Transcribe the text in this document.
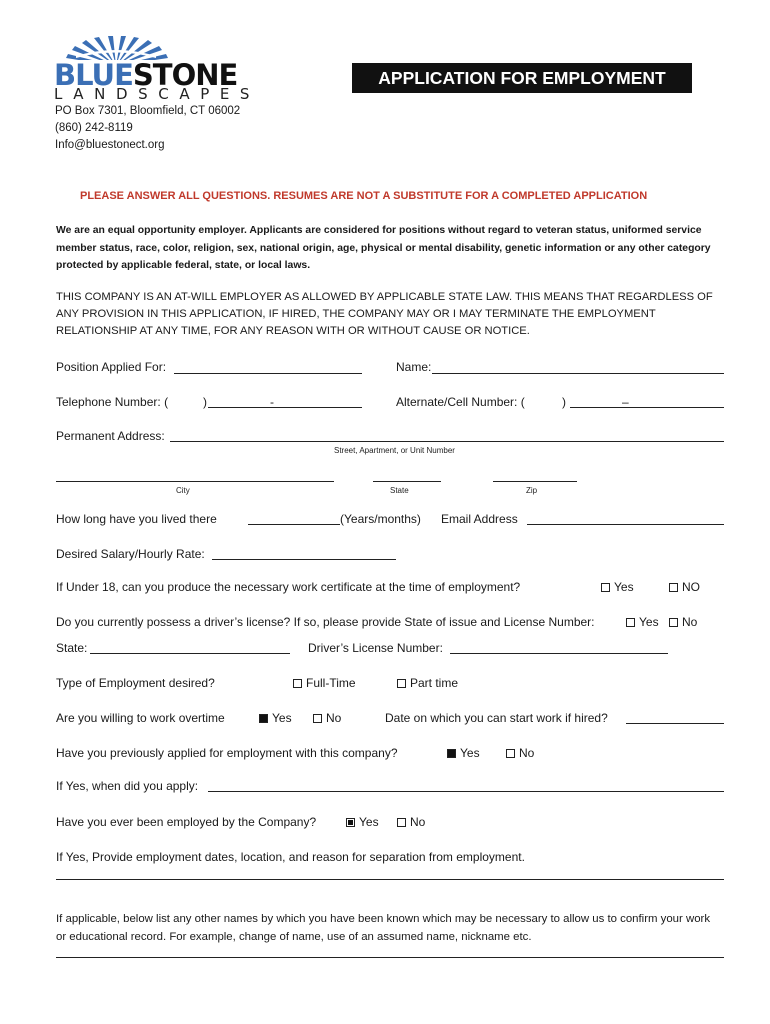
BLUESTONE
LANDSCAPES
APPLICATION FOR EMPLOYMENT
PO Box 7301, Bloomfield, CT 06002
(860) 242-8119
Info@bluestonect.org
PLEASE ANSWER ALL QUESTIONS. RESUMES ARE NOT A SUBSTITUTE FOR A COMPLETED APPLICATION
We are an equal opportunity employer. Applicants are considered for positions without regard to veteran status, uniformed service member status, race, color, religion, sex, national origin, age, physical or mental disability, genetic information or any other category protected by applicable federal, state, or local laws.
THIS COMPANY IS AN AT-WILL EMPLOYER AS ALLOWED BY APPLICABLE STATE LAW. THIS MEANS THAT REGARDLESS OF ANY PROVISION IN THIS APPLICATION, IF HIRED, THE COMPANY MAY OR I MAY TERMINATE THE EMPLOYMENT RELATIONSHIP AT ANY TIME, FOR ANY REASON WITH OR WITHOUT CAUSE OR NOTICE.
Position Applied For:	Name:
Telephone Number: (	)	-	Alternate/Cell Number: (	)	–
Permanent Address:
Street, Apartment, or Unit Number
City	State	Zip
How long have you lived there	(Years/months) Email Address
Desired Salary/Hourly Rate:
If Under 18, can you produce the necessary work certificate at the time of employment?	Yes	NO
Do you currently possess a driver’s license? If so, please provide State of issue and License Number:	Yes	No
State:	Driver’s License Number:
Type of Employment desired?	Full-Time	Part time
Are you willing to work overtime	Yes	No	Date on which you can start work if hired?
Have you previously applied for employment with this company?	Yes	No
If Yes, when did you apply:
Have you ever been employed by the Company?	Yes	No
If Yes, Provide employment dates, location, and reason for separation from employment.
If applicable, below list any other names by which you have been known which may be necessary to allow us to confirm your work or educational record. For example, change of name, use of an assumed name, nickname etc.
